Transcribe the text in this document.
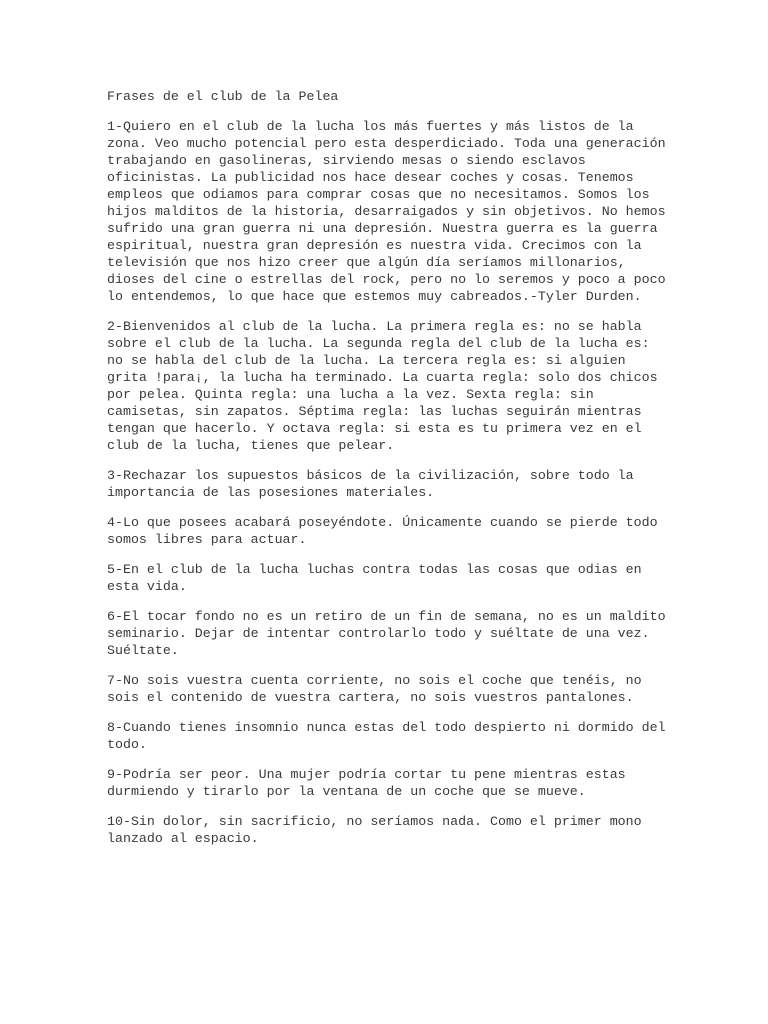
Frases de el club de la Pelea
1-Quiero en el club de la lucha los más fuertes y más listos de la
zona. Veo mucho potencial pero esta desperdiciado. Toda una generación
trabajando en gasolineras, sirviendo mesas o siendo esclavos
oficinistas. La publicidad nos hace desear coches y cosas. Tenemos
empleos que odiamos para comprar cosas que no necesitamos. Somos los
hijos malditos de la historia, desarraigados y sin objetivos. No hemos
sufrido una gran guerra ni una depresión. Nuestra guerra es la guerra
espiritual, nuestra gran depresión es nuestra vida. Crecimos con la
televisión que nos hizo creer que algún día seríamos millonarios,
dioses del cine o estrellas del rock, pero no lo seremos y poco a poco
lo entendemos, lo que hace que estemos muy cabreados.-Tyler Durden.
2-Bienvenidos al club de la lucha. La primera regla es: no se habla
sobre el club de la lucha. La segunda regla del club de la lucha es:
no se habla del club de la lucha. La tercera regla es: si alguien
grita !para¡, la lucha ha terminado. La cuarta regla: solo dos chicos
por pelea. Quinta regla: una lucha a la vez. Sexta regla: sin
camisetas, sin zapatos. Séptima regla: las luchas seguirán mientras
tengan que hacerlo. Y octava regla: si esta es tu primera vez en el
club de la lucha, tienes que pelear.
3-Rechazar los supuestos básicos de la civilización, sobre todo la
importancia de las posesiones materiales.
4-Lo que posees acabará poseyéndote. Únicamente cuando se pierde todo
somos libres para actuar.
5-En el club de la lucha luchas contra todas las cosas que odias en
esta vida.
6-El tocar fondo no es un retiro de un fin de semana, no es un maldito
seminario. Dejar de intentar controlarlo todo y suéltate de una vez.
Suéltate.
7-No sois vuestra cuenta corriente, no sois el coche que tenéis, no
sois el contenido de vuestra cartera, no sois vuestros pantalones.
8-Cuando tienes insomnio nunca estas del todo despierto ni dormido del
todo.
9-Podría ser peor. Una mujer podría cortar tu pene mientras estas
durmiendo y tirarlo por la ventana de un coche que se mueve.
10-Sin dolor, sin sacrificio, no seríamos nada. Como el primer mono
lanzado al espacio.
